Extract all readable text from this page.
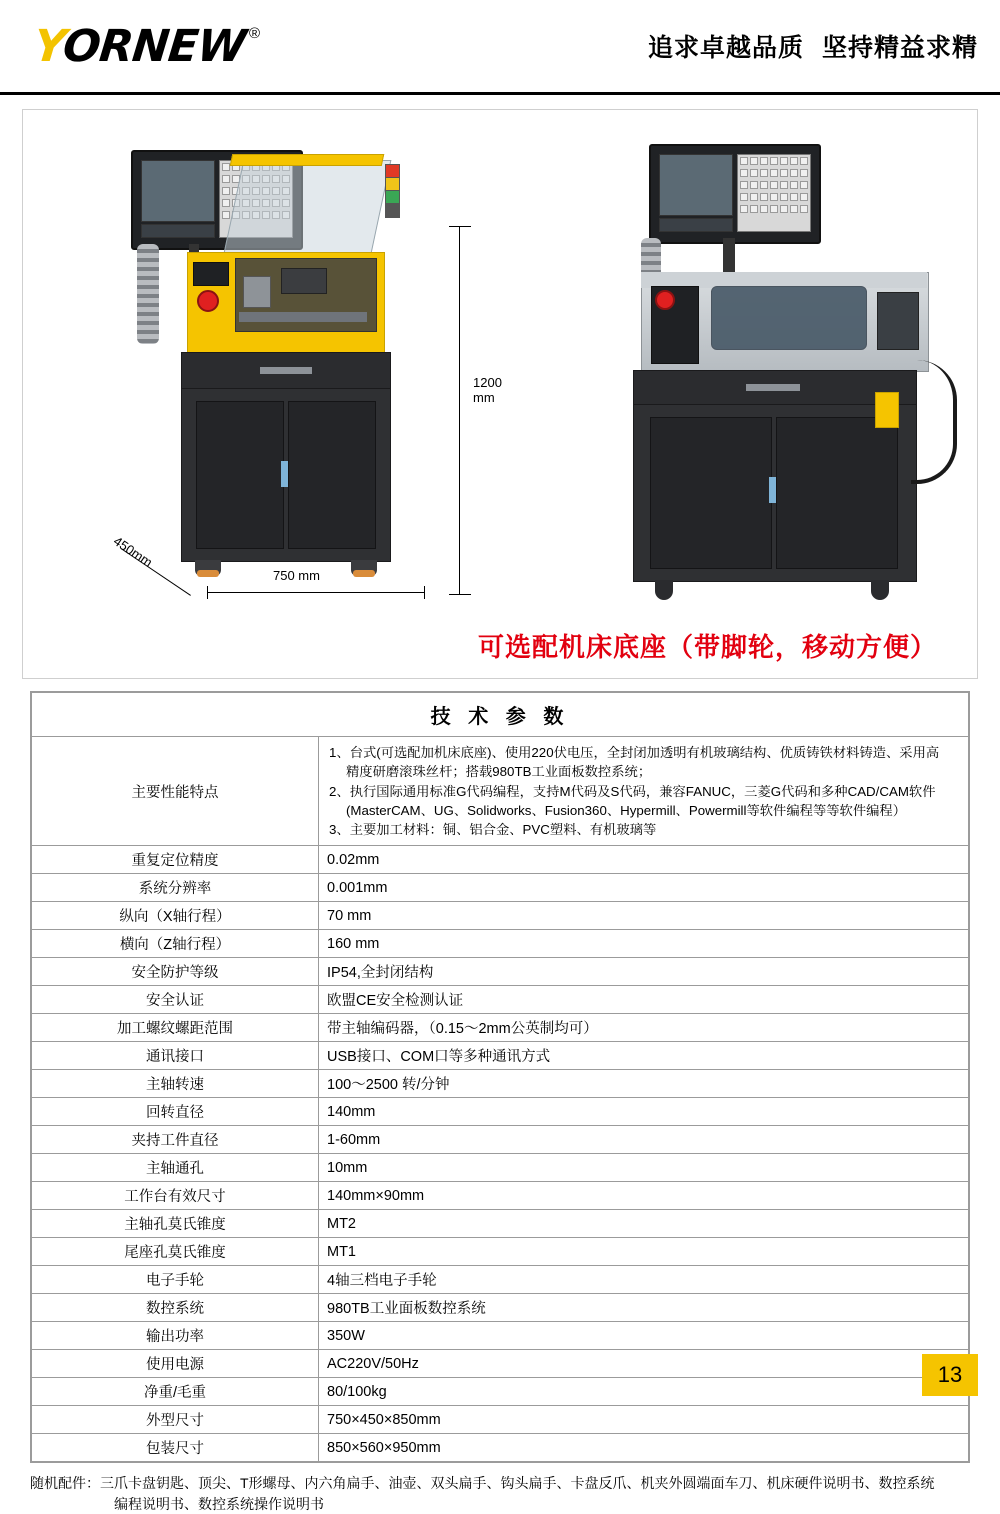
YORNEW ®
追求卓越品质 坚持精益求精
450mm
750 mm
1200 mm
可选配机床底座（带脚轮，移动方便）
技 术 参 数	
主要性能特点	1、台式(可选配加机床底座)、使用220伏电压，全封闭加透明有机玻璃结构、优质铸铁材料铸造、采用高
精度研磨滚珠丝杆；搭载980TB工业面板数控系统；
2、执行国际通用标准G代码编程，支持M代码及S代码，兼容FANUC，三菱G代码和多种CAD/CAM软件
(MasterCAM、UG、Solidworks、Fusion360、Hypermill、Powermill等软件编程等等软件编程）
3、主要加工材料：铜、铝合金、PVC塑料、有机玻璃等

重复定位精度	0.02mm
系统分辨率	0.001mm
纵向（X轴行程）	70 mm
横向（Z轴行程）	160 mm
安全防护等级	IP54,全封闭结构
安全认证	欧盟CE安全检测认证
加工螺纹螺距范围	带主轴编码器，（0.15～2mm公英制均可）
通讯接口	USB接口、COM口等多种通讯方式
主轴转速	100～2500 转/分钟
回转直径	140mm
夹持工件直径	1-60mm
主轴通孔	10mm
工作台有效尺寸	140mm×90mm
主轴孔莫氏锥度	MT2
尾座孔莫氏锥度	MT1
电子手轮	4轴三档电子手轮
数控系统	980TB工业面板数控系统
输出功率	350W
使用电源	AC220V/50Hz
净重/毛重	80/100kg
外型尺寸	750×450×850mm
包装尺寸	850×560×950mm
随机配件：三爪卡盘钥匙、顶尖、T形螺母、内六角扁手、油壶、双头扁手、钩头扁手、卡盘反爪、机夹外圆端面车刀、机床硬件说明书、数控系统
编程说明书、数控系统操作说明书
13
